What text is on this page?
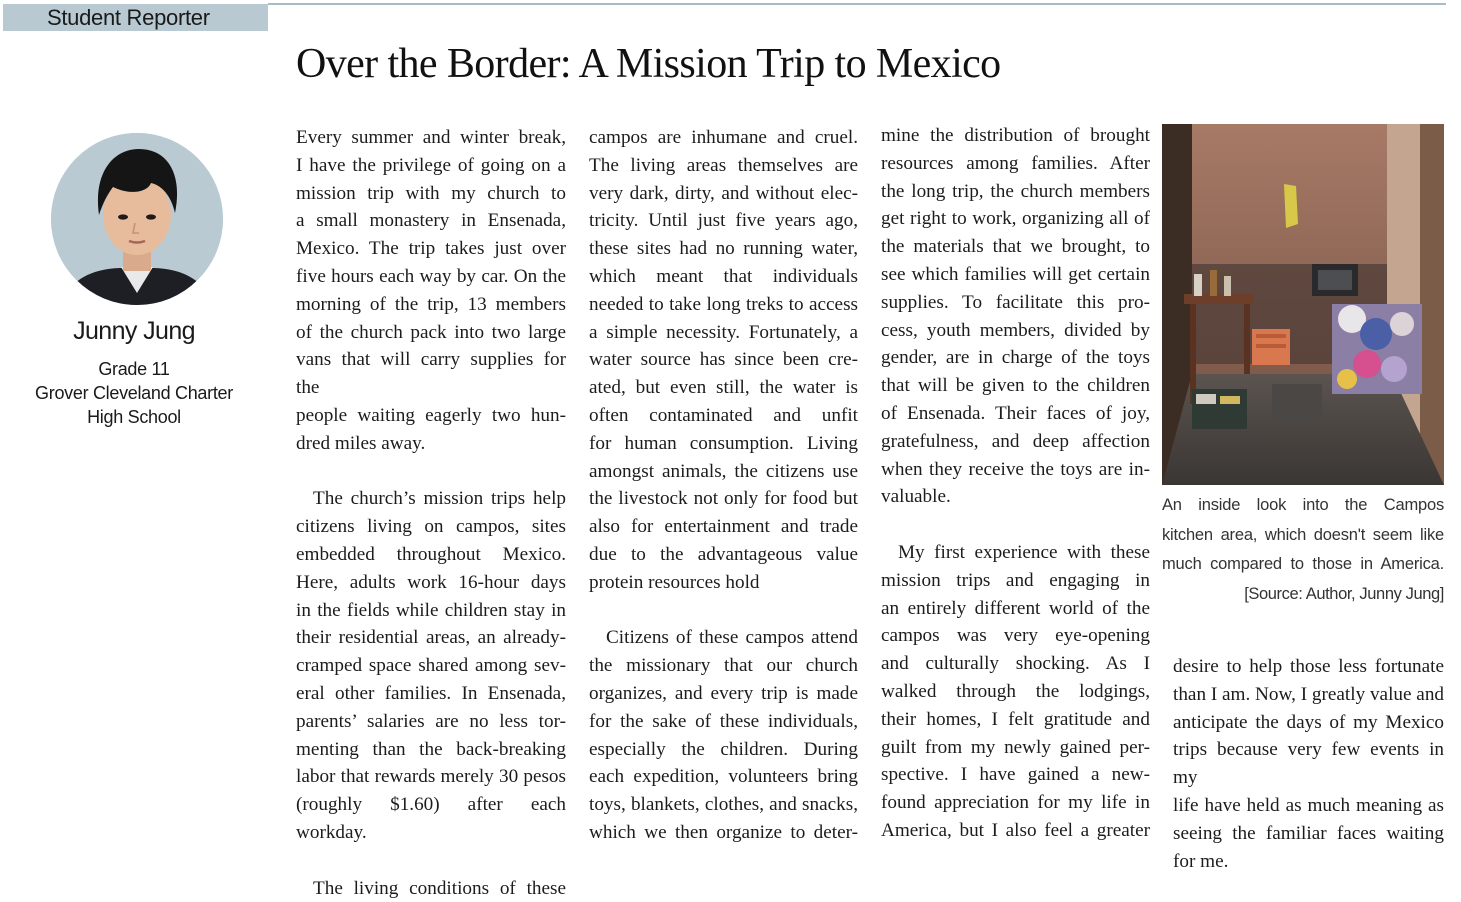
Student Reporter
Over the Border: A Mission Trip to Mexico
Junny Jung
Grade 11
Grover Cleveland Charter
High School

Every summer and winter break,

I have the privilege of going on a

mission trip with my church to

a small monastery in Ensenada,

Mexico. The trip takes just over

five hours each way by car. On the

morning of the trip, 13 members

of the church pack into two large

vans that will carry supplies for the

people waiting eagerly two hun-

dred miles away.

The church’s mission trips help

citizens living on campos, sites

embedded throughout Mexico.

Here, adults work 16-hour days

in the fields while children stay in

their residential areas, an already-

cramped space shared among sev-

eral other families. In Ensenada,

parents’ salaries are no less tor-

menting than the back-breaking

labor that rewards merely 30 pesos

(roughly $1.60) after each workday.

The living conditions of these

campos are inhumane and cruel.

The living areas themselves are

very dark, dirty, and without elec-

tricity. Until just five years ago,

these sites had no running water,

which meant that individuals

needed to take long treks to access

a simple necessity. Fortunately, a

water source has since been cre-

ated, but even still, the water is

often contaminated and unfit

for human consumption. Living

amongst animals, the citizens use

the livestock not only for food but

also for entertainment and trade

due to the advantageous value

protein resources hold

Citizens of these campos attend

the missionary that our church

organizes, and every trip is made

for the sake of these individuals,

especially the children. During

each expedition, volunteers bring

toys, blankets, clothes, and snacks,

which we then organize to deter-

mine the distribution of brought

resources among families. After

the long trip, the church members

get right to work, organizing all of

the materials that we brought, to

see which families will get certain

supplies. To facilitate this pro-

cess, youth members, divided by

gender, are in charge of the toys

that will be given to the children

of Ensenada. Their faces of joy,

gratefulness, and deep affection

when they receive the toys are in-

valuable.

My first experience with these

mission trips and engaging in

an entirely different world of the

campos was very eye-opening

and culturally shocking. As I

walked through the lodgings,

their homes, I felt gratitude and

guilt from my newly gained per-

spective. I have gained a new-

found appreciation for my life in

America, but I also feel a greater

An inside look into the Campos
kitchen area, which doesn't seem like
much compared to those in America.
[Source: Author, Junny Jung]

desire to help those less fortunate

than I am. Now, I greatly value and

anticipate the days of my Mexico

trips because very few events in my

life have held as much meaning as

seeing the familiar faces waiting

for me.
